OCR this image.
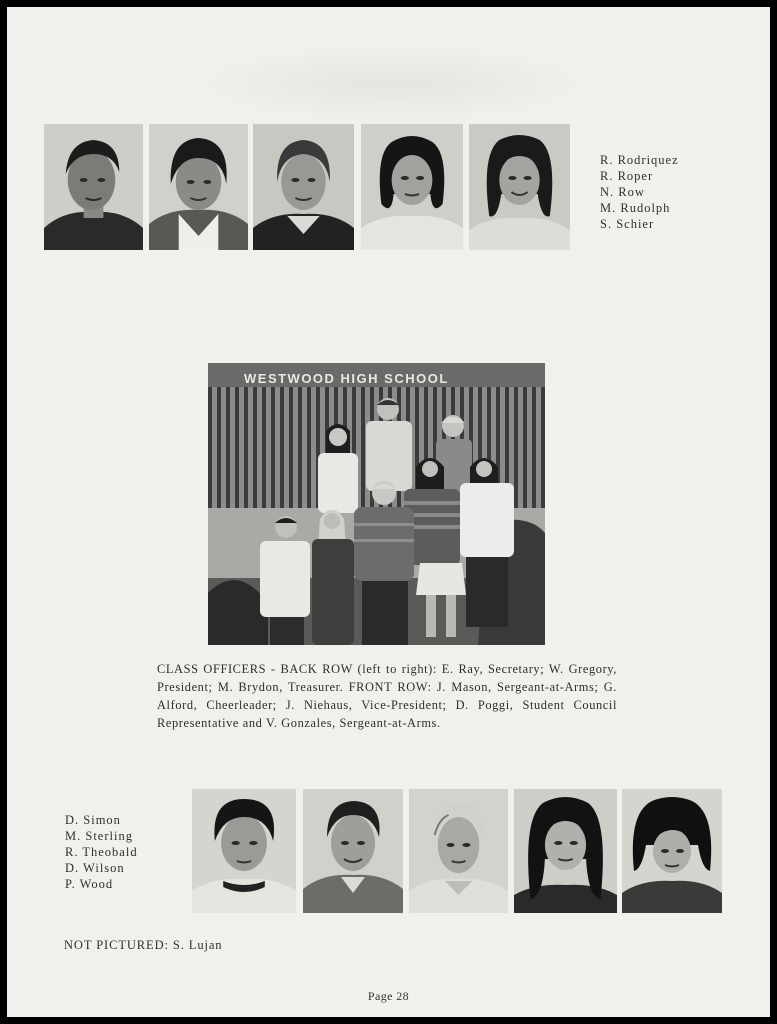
R. Rodriquez
R. Roper
N. Row
M. Rudolph
S. Schier
WESTWOOD HIGH SCHOOL
CLASS OFFICERS - BACK ROW (left to right): E. Ray, Secretary; W. Gregory, President; M. Brydon, Treasurer. FRONT ROW: J. Mason, Sergeant-at-Arms; G. Alford, Cheerleader; J. Niehaus, Vice-President; D. Poggi, Student Council Representative and V. Gonzales, Sergeant-at-Arms.
D. Simon
M. Sterling
R. Theobald
D. Wilson
P. Wood
NOT PICTURED: S. Lujan
Page 28
